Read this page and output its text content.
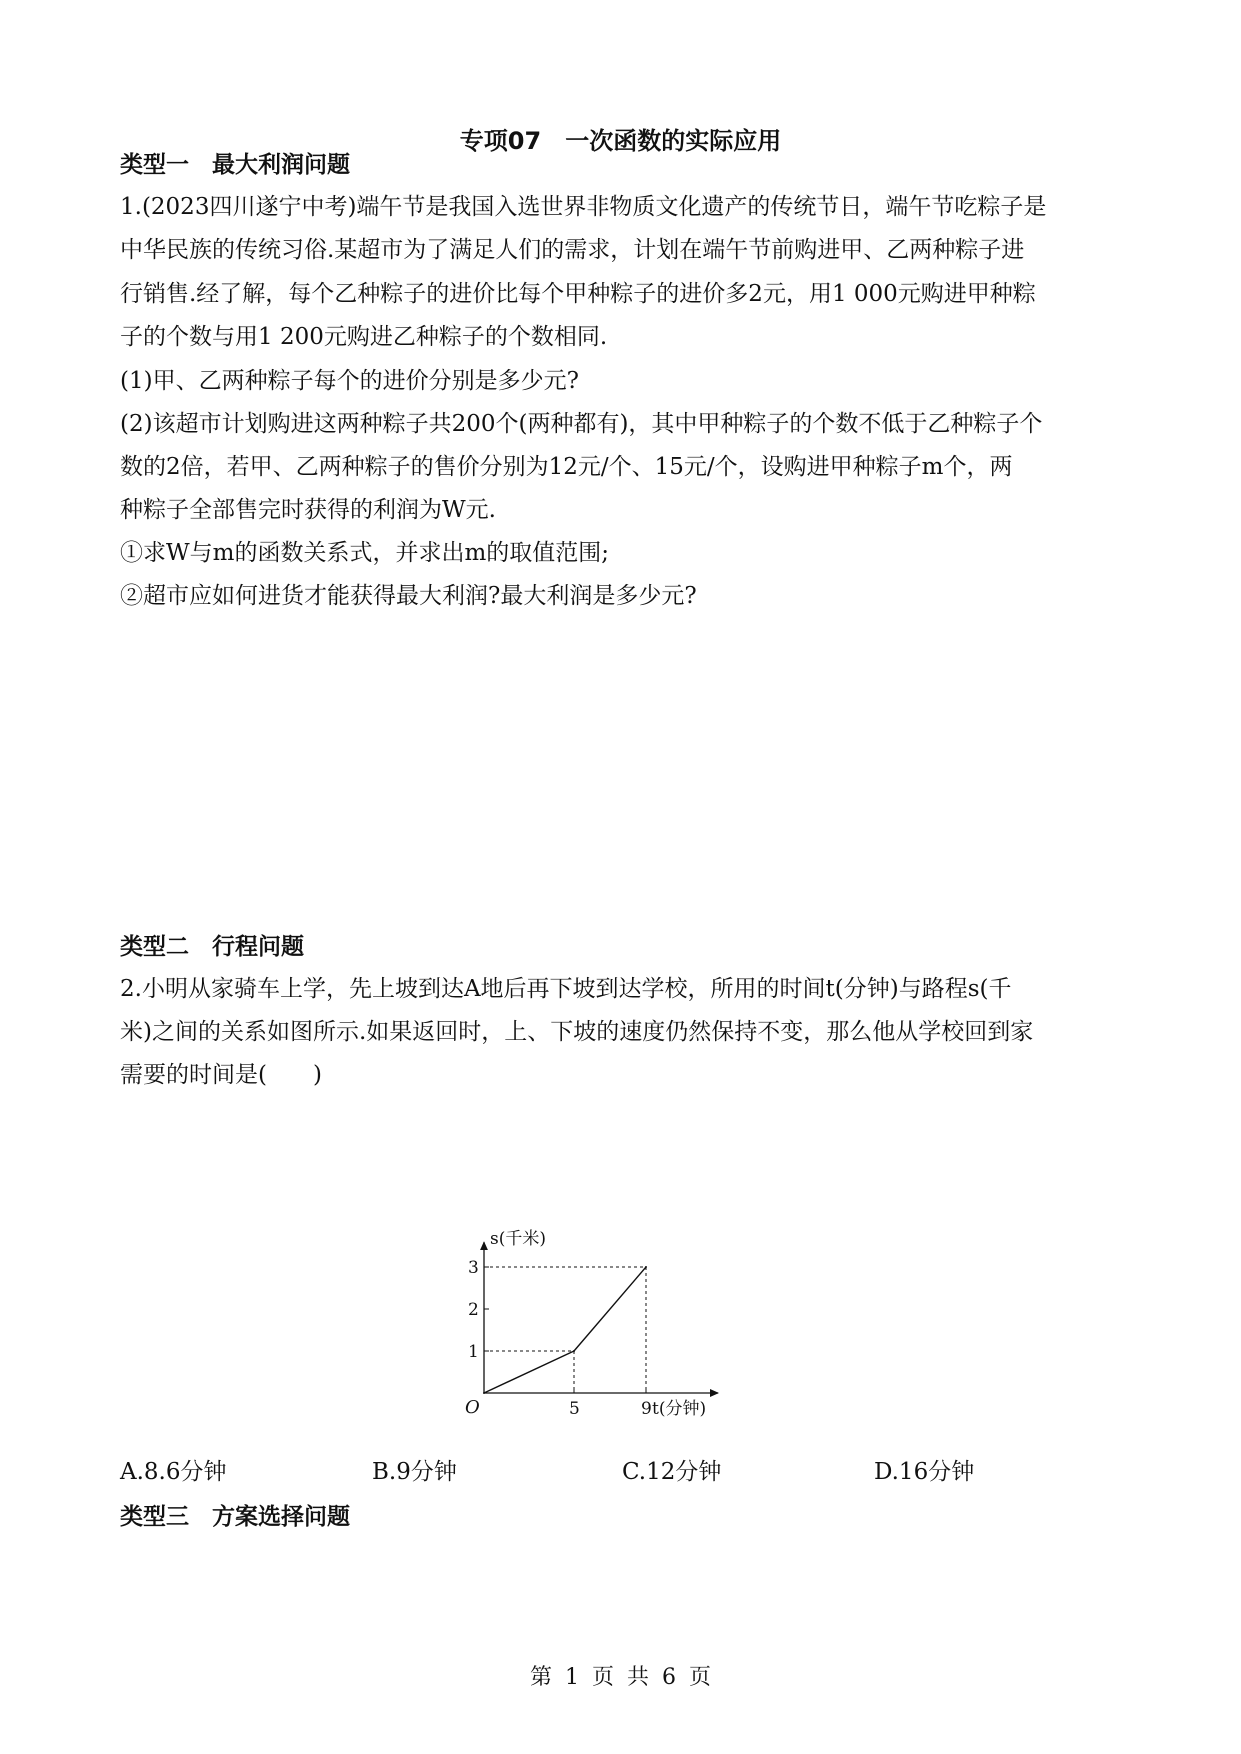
专项07　一次函数的实际应用
类型一　最大利润问题
1.(2023四川遂宁中考)端午节是我国入选世界非物质文化遗产的传统节日，端午节吃粽子是
中华民族的传统习俗.某超市为了满足人们的需求，计划在端午节前购进甲、乙两种粽子进
行销售.经了解，每个乙种粽子的进价比每个甲种粽子的进价多2元，用1 000元购进甲种粽
子的个数与用1 200元购进乙种粽子的个数相同.
(1)甲、乙两种粽子每个的进价分别是多少元?
(2)该超市计划购进这两种粽子共200个(两种都有)，其中甲种粽子的个数不低于乙种粽子个
数的2倍，若甲、乙两种粽子的售价分别为12元/个、15元/个，设购进甲种粽子m个，两
种粽子全部售完时获得的利润为W元.
①求W与m的函数关系式，并求出m的取值范围;
②超市应如何进货才能获得最大利润?最大利润是多少元?
类型二　行程问题
2.小明从家骑车上学，先上坡到达A地后再下坡到达学校，所用的时间t(分钟)与路程s(千
米)之间的关系如图所示.如果返回时，上、下坡的速度仍然保持不变，那么他从学校回到家
需要的时间是(　　)
s(千米)
t(分钟)
O
1
2
3
5	9
A.8.6分钟	B.9分钟	C.12分钟	D.16分钟
类型三　方案选择问题
第 1 页 共 6 页
